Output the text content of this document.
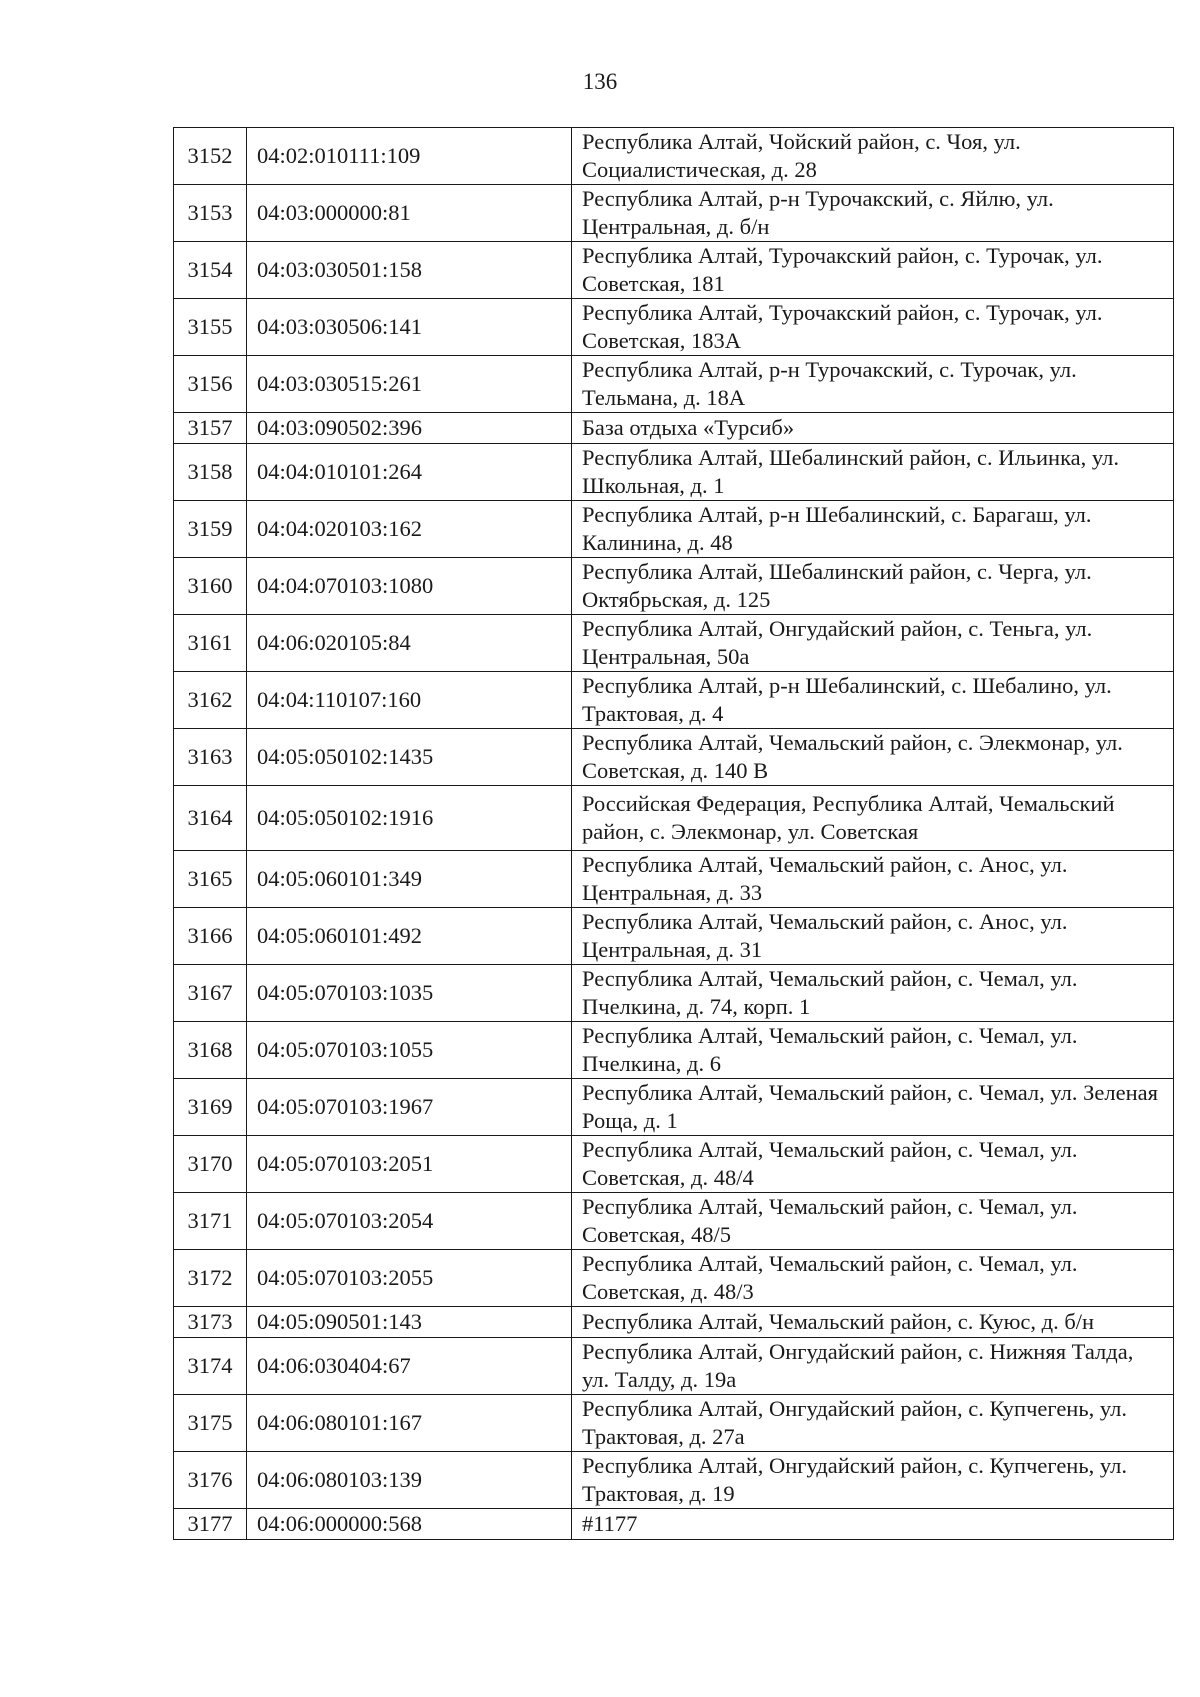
136
3152	04:02:010111:109	Республика Алтай, Чойский район, с. Чоя, ул. Социалистическая, д. 28
3153	04:03:000000:81	Республика Алтай, р-н Турочакский, с. Яйлю, ул. Центральная, д. б/н
3154	04:03:030501:158	Республика Алтай, Турочакский район, с. Турочак, ул. Советская, 181
3155	04:03:030506:141	Республика Алтай, Турочакский район, с. Турочак, ул. Советская, 183А
3156	04:03:030515:261	Республика Алтай, р-н Турочакский, с. Турочак, ул. Тельмана, д. 18А
3157	04:03:090502:396	База отдыха «Турсиб»
3158	04:04:010101:264	Республика Алтай, Шебалинский район, с. Ильинка, ул. Школьная, д. 1
3159	04:04:020103:162	Республика Алтай, р-н Шебалинский, с. Барагаш, ул. Калинина, д. 48
3160	04:04:070103:1080	Республика Алтай, Шебалинский район, с. Черга, ул. Октябрьская, д. 125
3161	04:06:020105:84	Республика Алтай, Онгудайский район, с. Теньга, ул. Центральная, 50а
3162	04:04:110107:160	Республика Алтай, р-н Шебалинский, с. Шебалино, ул. Трактовая, д. 4
3163	04:05:050102:1435	Республика Алтай, Чемальский район, с. Элекмонар, ул. Советская, д. 140 В
3164	04:05:050102:1916	Российская Федерация, Республика Алтай, Чемальский район, с. Элекмонар, ул. Советская
3165	04:05:060101:349	Республика Алтай, Чемальский район, с. Анос, ул. Центральная, д. 33
3166	04:05:060101:492	Республика Алтай, Чемальский район, с. Анос, ул. Центральная, д. 31
3167	04:05:070103:1035	Республика Алтай, Чемальский район, с. Чемал, ул. Пчелкина, д. 74, корп. 1
3168	04:05:070103:1055	Республика Алтай, Чемальский район, с. Чемал, ул. Пчелкина, д. 6
3169	04:05:070103:1967	Республика Алтай, Чемальский район, с. Чемал, ул. Зеленая Роща, д. 1
3170	04:05:070103:2051	Республика Алтай, Чемальский район, с. Чемал, ул. Советская, д. 48/4
3171	04:05:070103:2054	Республика Алтай, Чемальский район, с. Чемал, ул. Советская, 48/5
3172	04:05:070103:2055	Республика Алтай, Чемальский район, с. Чемал, ул. Советская, д. 48/3
3173	04:05:090501:143	Республика Алтай, Чемальский район, с. Куюс, д. б/н
3174	04:06:030404:67	Республика Алтай, Онгудайский район, с. Нижняя Талда, ул. Талду, д. 19а
3175	04:06:080101:167	Республика Алтай, Онгудайский район, с. Купчегень, ул. Трактовая, д. 27а
3176	04:06:080103:139	Республика Алтай, Онгудайский район, с. Купчегень, ул. Трактовая, д. 19
3177	04:06:000000:568	#1177
